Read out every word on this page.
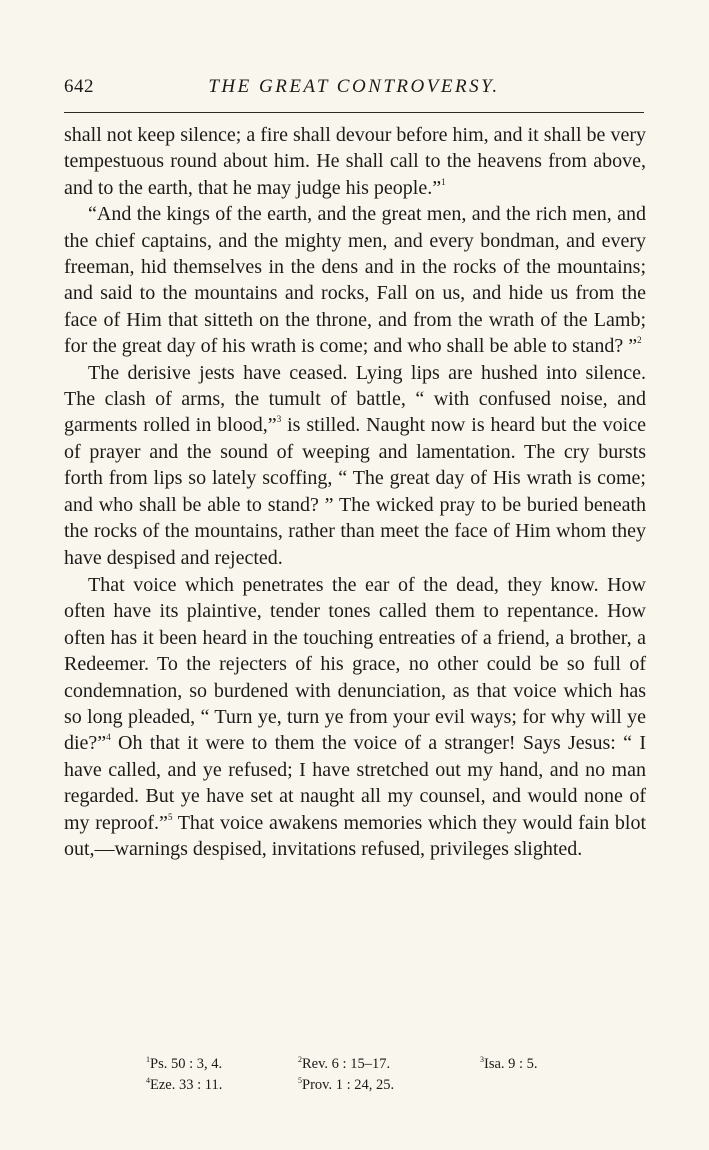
642	THE GREAT CONTROVERSY.

shall not keep silence; a fire shall devour before him, and it shall be very tempestuous round about him. He shall call to the heavens from above, and to the earth, that he may judge his people.”$^1$

“And the kings of the earth, and the great men, and the rich men, and the chief captains, and the mighty men, and every bondman, and every freeman, hid themselves in the dens and in the rocks of the mountains; and said to the mountains and rocks, Fall on us, and hide us from the face of Him that sitteth on the throne, and from the wrath of the Lamb; for the great day of his wrath is come; and who shall be able to stand? ”$^2$

The derisive jests have ceased. Lying lips are hushed into silence. The clash of arms, the tumult of battle, “ with confused noise, and garments rolled in blood,”$^3$ is stilled. Naught now is heard but the voice of prayer and the sound of weeping and lamentation. The cry bursts forth from lips so lately scoffing, “ The great day of His wrath is come; and who shall be able to stand? ” The wicked pray to be buried beneath the rocks of the mountains, rather than meet the face of Him whom they have despised and rejected.

That voice which penetrates the ear of the dead, they know. How often have its plaintive, tender tones called them to repentance. How often has it been heard in the touching entreaties of a friend, a brother, a Redeemer. To the rejecters of his grace, no other could be so full of condemnation, so burdened with denunciation, as that voice which has so long pleaded, “ Turn ye, turn ye from your evil ways; for why will ye die?”$^4$ Oh that it were to them the voice of a stranger! Says Jesus: “ I have called, and ye refused; I have stretched out my hand, and no man regarded. But ye have set at naught all my counsel, and would none of my reproof.”$^5$ That voice awakens memories which they would fain blot out,—warnings despised, invitations refused, privileges slighted.

$^1$Ps. 50 : 3, 4.	$^2$Rev. 6 : 15–17.	$^3$Isa. 9 : 5.
$^4$Eze. 33 : 11.	$^5$Prov. 1 : 24, 25.
